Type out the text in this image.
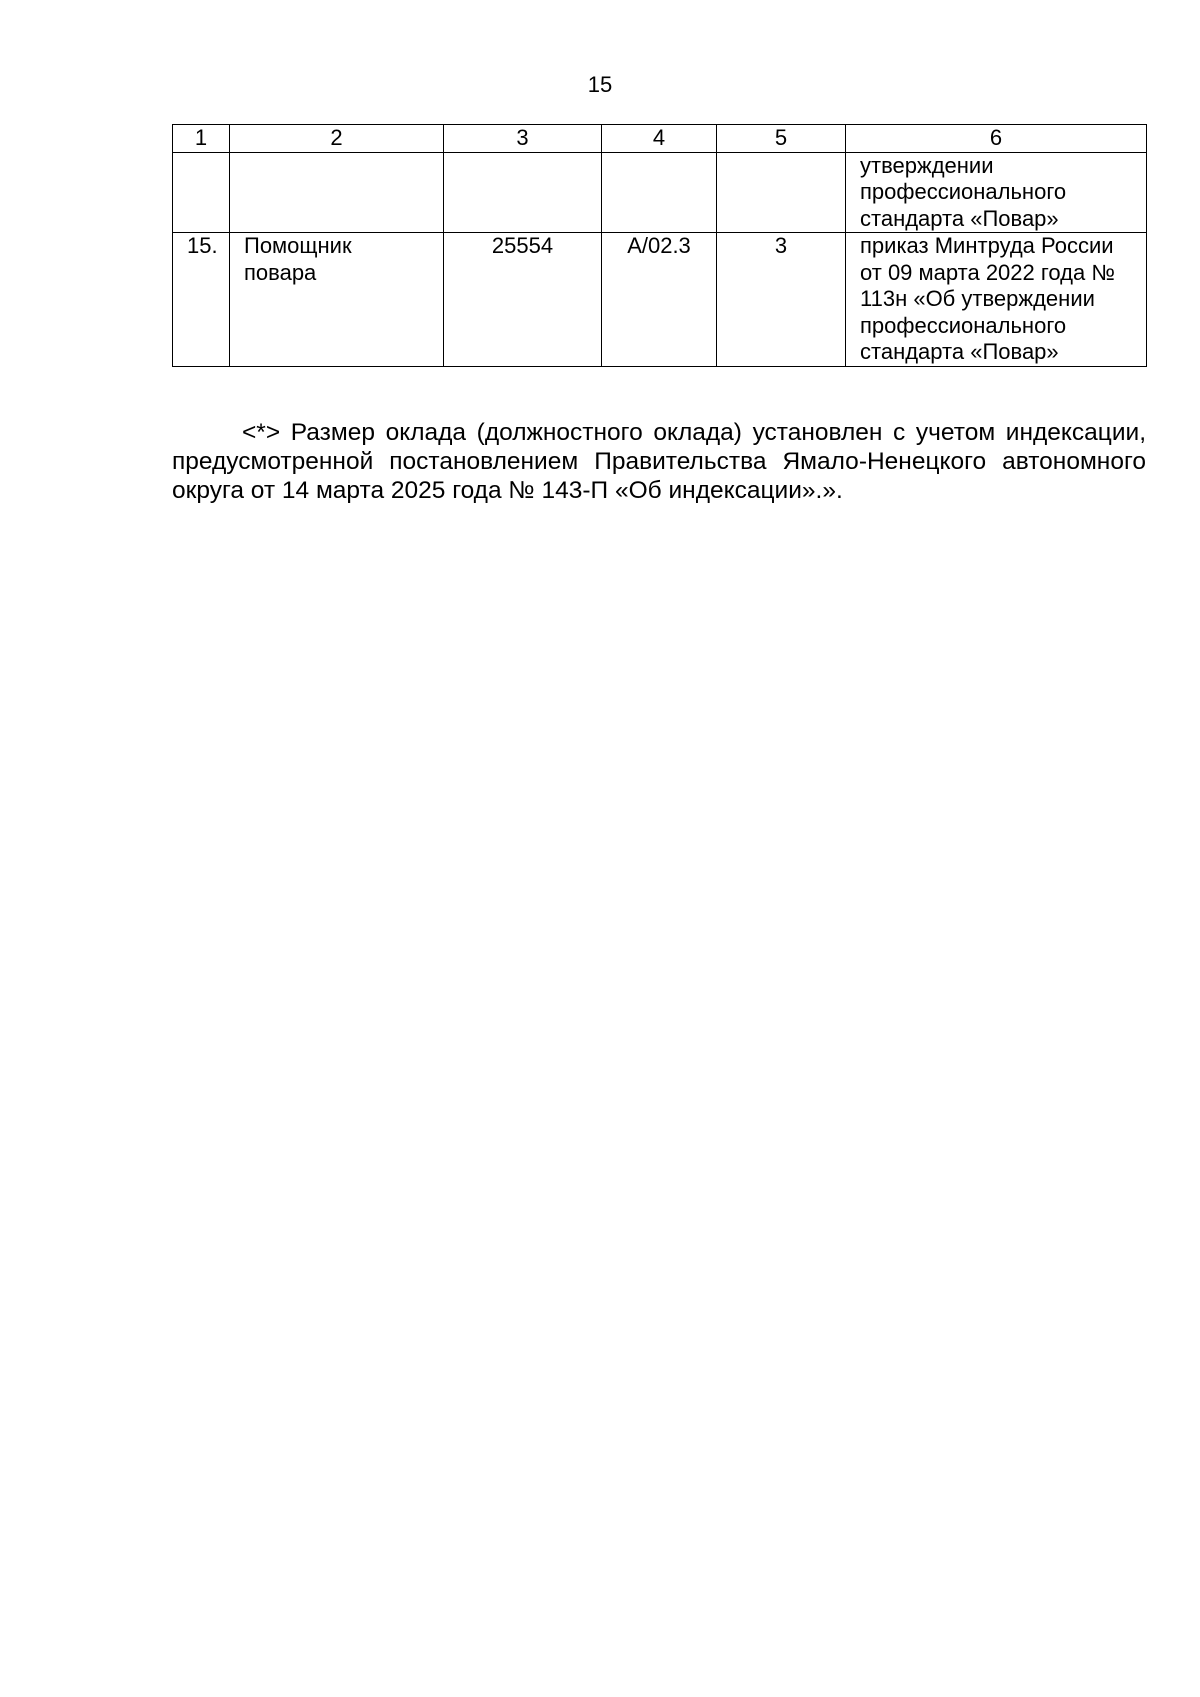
15
1	2	3	4	5	6
					утверждении профессионального стандарта «Повар»
15.	Помощник повара	25554	А/02.3	3	приказ Минтруда России от 09 марта 2022 года № 113н «Об утверждении профессионального стандарта «Повар»

<*> Размер оклада (должностного оклада) установлен с учетом индексации, предусмотренной постановлением Правительства Ямало-Ненецкого автономного округа от 14 марта 2025 года № 143-П «Об индексации».».
